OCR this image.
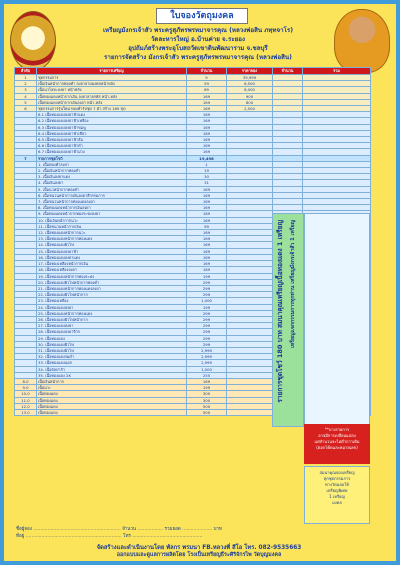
ใบจองวัตถุมงคล
เหรียญมังกรเจ้าสัว พระครูสุภัทรพรหมาจารคุณ (หลวงพ่อสิน ภทฺทจาโร)
วัดละหารใหญ่ อ.บ้านค่าย จ.ระยอง
อุปถัมภ์สร้างพระอุโบสถวัดเขาดินพัฒนาราม จ.ชลบุรี
รายการจัดสร้าง มังกรเจ้าสัว พระครูสุภัทรพรหมาจารคุณ (หลวงพ่อสิน)
ลำดับ	รายการเหรียญ	จำนวน	ราคาจอง	จำนวน	รวม
1	ชุดกรรมการ	9	39,999		
2	เนื้อเงินหน้ากากทองคำ ลงยาลายมงคลหน้าหลัง	59	6,500		
3	เนื้อนวโลหะลงยา หน้าหลัง	69	6,000		
4	เนื้อทองแดงหน้ากากเงิน ลงยาลายรหัส หน้า-หลัง	169	900		
5	เนื้อทองแดงหน้ากากเงินลงยา หน้า-หลัง	169	800		
6	ชุดกรรมการรุ่นใหม่ ทองคำรับชุด 7 ตัว สร้าง 169 ชุด	169	2,500		
	6.1 เนื้อทองแดงลงยาฟ้าแดง	169			
	6.2 เนื้อทองแดงลงยาฟ้าเหลือง	169			
	6.3 เนื้อทองแดงลงยาฟ้าชมพู	169			
	6.4 เนื้อทองแดงลงยาฟ้าเขียว	169			
	6.5 เนื้อทองแดงลงยาฟ้าส้ม	169			
	6.6 เนื้อทองแดงลงยาฟ้าดำ	169			
	6.7 เนื้อทองแดงลงยาฟ้าม่วง	169			
7	รายการชุดโชว์	19,498			
	1. เนื้อทองคำลงยา	1			
	2. เนื้อเงินหน้ากากทองคำ	19			
	3. เนื้อเงินลงยาแดง	30			
	4. เนื้อเงินลงยา	31			
	5. เนื้อนวหน้ากากทองคำ	169			
	6. เนื้อชนวนหน้ากากเงินลงยาสีกรรมการ	169			
	7. เนื้อชนวนหน้ากากทองแดงลงยา	169			
	8. เนื้อทองแดงหน้ากากเงินลงยา	169			
	9. เนื้อทองแดงหน้ากากทองระฆังลงยา	169			
	10. เนื้อเงินหน้ากากนวะ	169			
	11. เนื้อชนวนหน้ากากเงิน	99			
	12. เนื้อทองแดงหน้ากากนวะ	169			
	13. เนื้อทองแดงหน้ากากทองแดง	169			
	14. เนื้อทองแดงผิวไฟ	169			
	15. เนื้อทองแดงลงยาฟ้า	169			
	16. เนื้อทองแดงลงยาแดง	169			
	17. เนื้อทองเหลืองหน้ากากเงิน	169			
	18. เนื้อทองเหลืองลงยา	169			
	19. เนื้อทองแดงหน้ากากทองระฆัง	199			
	20. เนื้อทองแดงผิวไฟหน้ากากทองคำ	299			
	21. เนื้อทองแดงหน้ากากทองแดงลงยา	299			
	22. เนื้อทองแดงผิวไฟหน้ากาก	299			
	23. เนื้อทองเหลือง	1,000			
	24. เนื้อทองแดงลงยา	199			
	25. เนื้อทองแดงหน้ากากทองแดง	299			
	26. เนื้อทองแดงผิวไฟหน้ากาก	299			
	27. เนื้อทองแดงลงยา	299			
	28. เนื้อทองแดงลงยาจีวร	299			
	29. เนื้อทองแดง	299			
	30. เนื้อทองแดงผิวไฟ	299			
	31. เนื้อทองแดงผิวไฟ	2,999			
	32. เนื้อทองแดงรมดำ	2,999			
	33. เนื้อทองแดงนอก	2,999			
	34. เนื้ออัลปาก้า	1,000			
	35. เนื้อทองแดง 2K	255			
8.0	เนื้อเงินหน้ากาก	169			
9.0	เนื้อนวะ	199			
10.0	เนื้อทองแดง	300			
11.0	เนื้อทองแดง	300			
12.0	เนื้อทองแดง	500			
13.0	เนื้อทองแดง	500			
รายการชุดโชว์ 180 บาท สมนาคุณเหรียญเนื้อทองแดง 1 เหรียญ เหรียญแจกกรรมการทุกท่าน เหรียญมังกรเจ้าสัว 1 เหรียญ
**บางรายการ
อาจมีการเปลี่ยนแปลง
แต่จำนวนจะไม่ต่ำกว่าเดิม
(ตอกโค้ดและหมายเลข)
สมนาคุณจองเหรียญ
ทุกชุดกรรมการ
ทางวัดมอบให้
เหรียญพิเศษ
1 เหรียญ
มงคล
ชื่อผู้จอง ............................................................. จำนวน .................. รวมยอด ..................... บาท
ที่อยู่ ................................................................... โทร .................................................
จัดสร้างและดำเนินงานโดย พัลกร พรมนา FB.หลวงพี่ สีโอ โทร. 082-9535663
ออกแบบและดูแลการผลิตโดย โรงเป็นเหรียญธีระศิริจักรไพ วัดบุญมงคล
